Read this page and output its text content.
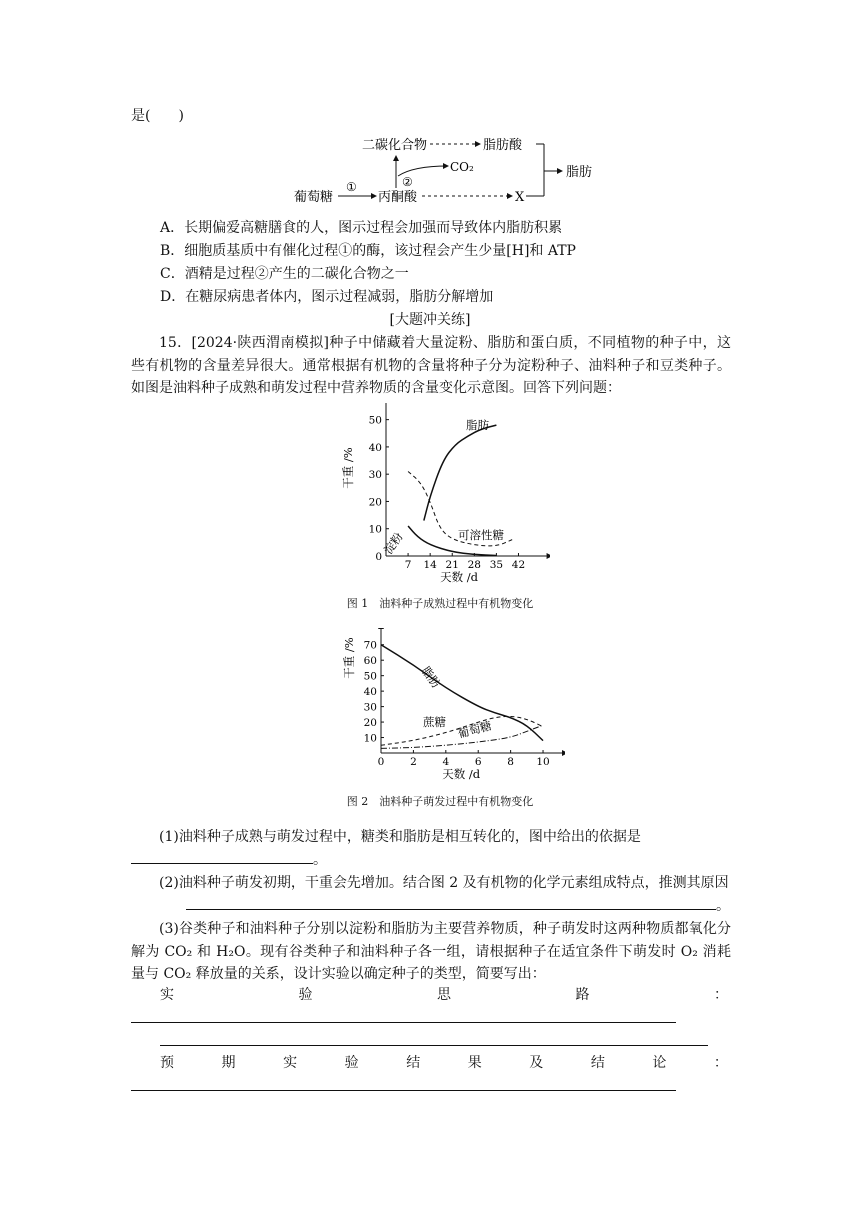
是(　　)
二碳化合物	脂肪酸
脂肪
CO₂
②
葡萄糖
①
丙酮酸	X
A．长期偏爱高糖膳食的人，图示过程会加强而导致体内脂肪积累
B．细胞质基质中有催化过程①的酶，该过程会产生少量[H]和 ATP
C．酒精是过程②产生的二碳化合物之一
D．在糖尿病患者体内，图示过程减弱，脂肪分解增加
[大题冲关练]
15．[2024·陕西渭南模拟]种子中储藏着大量淀粉、脂肪和蛋白质，不同植物的种子中，这些有机物的含量差异很大。通常根据有机物的含量将种子分为淀粉种子、油料种子和豆类种子。如图是油料种子成熟和萌发过程中营养物质的含量变化示意图。回答下列问题：
7 14 21 28 35 42
0
10
20
30
40
50
天数 /d
干重 /%
脂肪
可溶性糖
淀粉
图 1　油料种子成熟过程中有机物变化
0 2 4 6 8 10
10
20
30
40
50
60
70
天数 /d
干重 /%	脂肪
蔗糖 葡萄糖
图 2　油料种子萌发过程中有机物变化
(1)油料种子成熟与萌发过程中，糖类和脂肪是相互转化的，图中给出的依据是
。
(2)油料种子萌发初期，干重会先增加。结合图 2 及有机物的化学元素组成特点，推测其原因
。
(3)谷类种子和油料种子分别以淀粉和脂肪为主要营养物质，种子萌发时这两种物质都氧化分解为 CO₂ 和 H₂O。现有谷类种子和油料种子各一组，请根据种子在适宜条件下萌发时 O₂ 消耗量与 CO₂ 释放量的关系，设计实验以确定种子的类型，简要写出：
实	验	思	路	：
预	期	实	验	结	果	及	结	论	：
